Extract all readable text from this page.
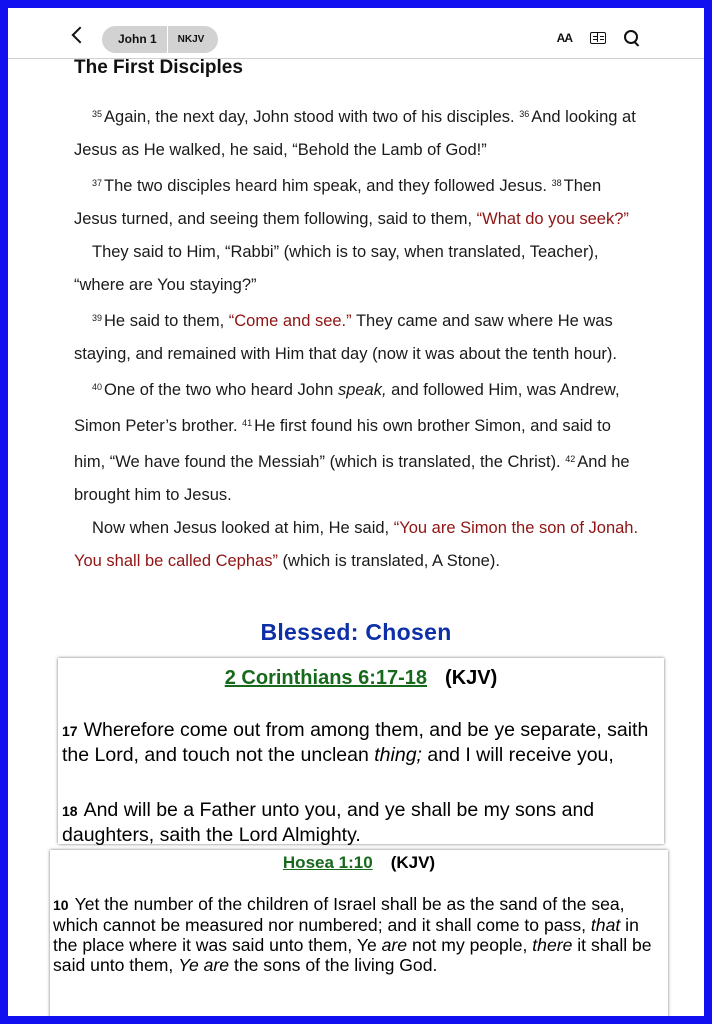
John 1	NKJV	AA
The First Disciples

$^{35}$ Again, the next day, John stood with two of his disciples. $^{36}$ And looking at Jesus as He walked, he said, “Behold the Lamb of God!”

$^{37}$ The two disciples heard him speak, and they followed Jesus. $^{38}$ Then Jesus turned, and seeing them following, said to them, “What do you seek?”

They said to Him, “Rabbi” (which is to say, when translated, Teacher), “where are You staying?”

$^{39}$ He said to them, “Come and see.” They came and saw where He was staying, and remained with Him that day (now it was about the tenth hour).

$^{40}$ One of the two who heard John speak, and followed Him, was Andrew, Simon Peter’s brother. $^{41}$ He first found his own brother Simon, and said to him, “We have found the Messiah” (which is translated, the Christ). $^{42}$ And he brought him to Jesus.

Now when Jesus looked at him, He said, “You are Simon the son of Jonah. You shall be called Cephas” (which is translated, A Stone).

Blessed: Chosen
2 Corinthians 6:17-18 (KJV)
17 Wherefore come out from among them, and be ye separate, saith the Lord, and touch not the unclean thing; and I will receive you,
18 And will be a Father unto you, and ye shall be my sons and daughters, saith the Lord Almighty.
Hosea 1:10 (KJV)
10 Yet the number of the children of Israel shall be as the sand of the sea, which cannot be measured nor numbered; and it shall come to pass, that in the place where it was said unto them, Ye are not my people, there it shall be said unto them, Ye are the sons of the living God.
